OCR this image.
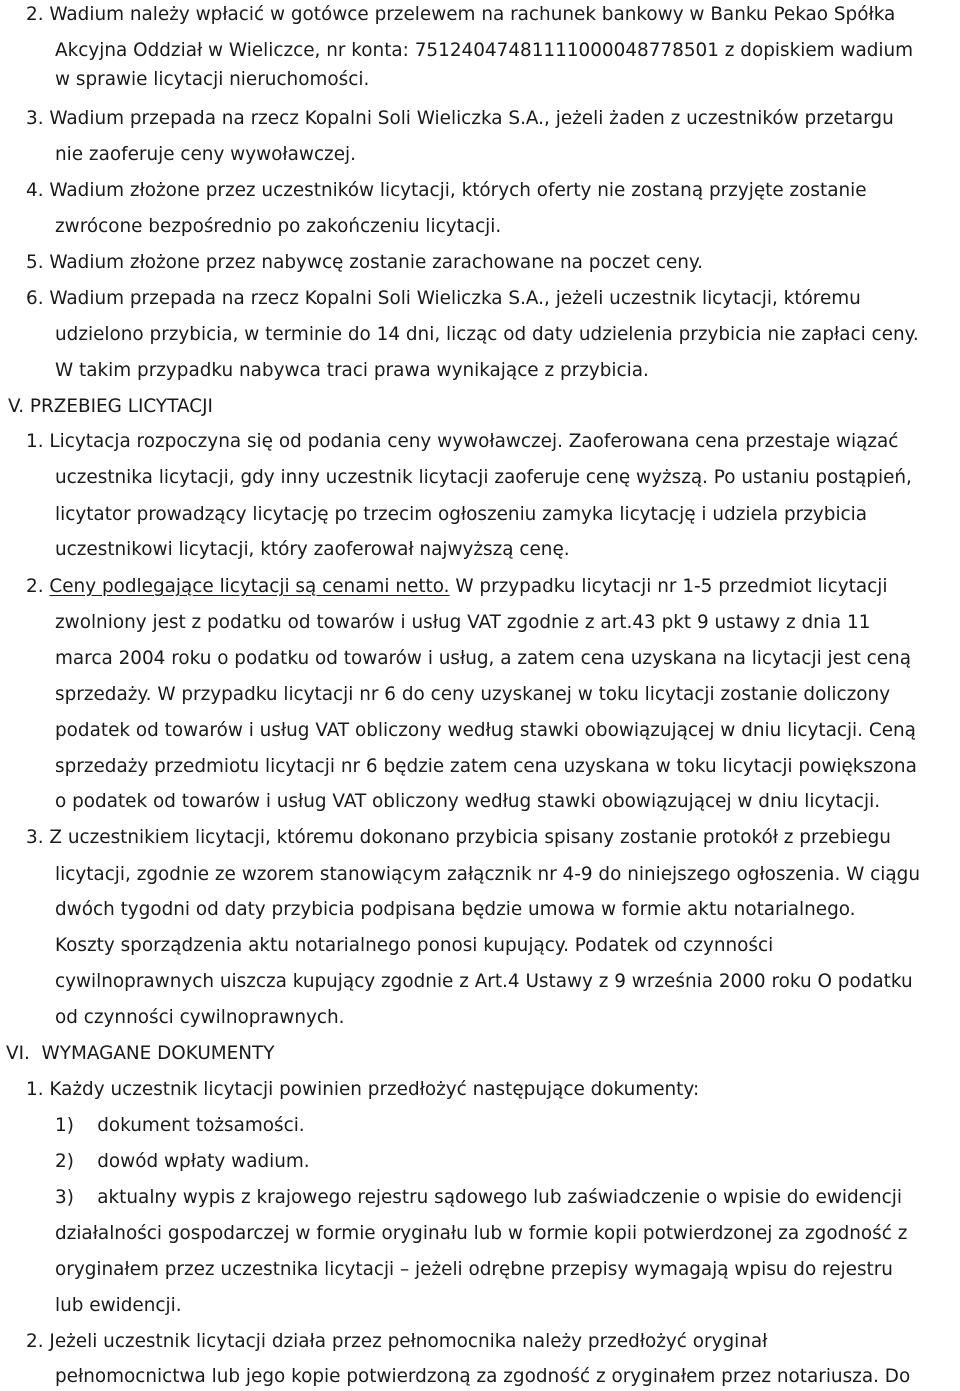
2. Wadium należy wpłacić w gotówce przelewem na rachunek bankowy w Banku Pekao Spółka

Akcyjna Oddział w Wieliczce, nr konta: 75124047481111000048778501 z dopiskiem wadium

w sprawie licytacji nieruchomości.

3. Wadium przepada na rzecz Kopalni Soli Wieliczka S.A., jeżeli żaden z uczestników przetargu

nie zaoferuje ceny wywoławczej.

4. Wadium złożone przez uczestników licytacji, których oferty nie zostaną przyjęte zostanie

zwrócone bezpośrednio po zakończeniu licytacji.

5. Wadium złożone przez nabywcę zostanie zarachowane na poczet ceny.

6. Wadium przepada na rzecz Kopalni Soli Wieliczka S.A., jeżeli uczestnik licytacji, któremu

udzielono przybicia, w terminie do 14 dni, licząc od daty udzielenia przybicia nie zapłaci ceny.

W takim przypadku nabywca traci prawa wynikające z przybicia.

V. PRZEBIEG LICYTACJI

1. Licytacja rozpoczyna się od podania ceny wywoławczej. Zaoferowana cena przestaje wiązać

uczestnika licytacji, gdy inny uczestnik licytacji zaoferuje cenę wyższą. Po ustaniu postąpień,

licytator prowadzący licytację po trzecim ogłoszeniu zamyka licytację i udziela przybicia

uczestnikowi licytacji, który zaoferował najwyższą cenę.

2. Ceny podlegające licytacji są cenami netto. W przypadku licytacji nr 1-5 przedmiot licytacji

zwolniony jest z podatku od towarów i usług VAT zgodnie z art.43 pkt 9 ustawy z dnia 11

marca 2004 roku o podatku od towarów i usług, a zatem cena uzyskana na licytacji jest ceną

sprzedaży. W przypadku licytacji nr 6 do ceny uzyskanej w toku licytacji zostanie doliczony

podatek od towarów i usług VAT obliczony według stawki obowiązującej w dniu licytacji. Ceną

sprzedaży przedmiotu licytacji nr 6 będzie zatem cena uzyskana w toku licytacji powiększona

o podatek od towarów i usług VAT obliczony według stawki obowiązującej w dniu licytacji.

3. Z uczestnikiem licytacji, któremu dokonano przybicia spisany zostanie protokół z przebiegu

licytacji, zgodnie ze wzorem stanowiącym załącznik nr 4-9 do niniejszego ogłoszenia. W ciągu

dwóch tygodni od daty przybicia podpisana będzie umowa w formie aktu notarialnego.

Koszty sporządzenia aktu notarialnego ponosi kupujący. Podatek od czynności

cywilnoprawnych uiszcza kupujący zgodnie z Art.4 Ustawy z 9 września 2000 roku O podatku

od czynności cywilnoprawnych.

VI.  WYMAGANE DOKUMENTY

1. Każdy uczestnik licytacji powinien przedłożyć następujące dokumenty:

1)    dokument tożsamości.

2)    dowód wpłaty wadium.

3)    aktualny wypis z krajowego rejestru sądowego lub zaświadczenie o wpisie do ewidencji

działalności gospodarczej w formie oryginału lub w formie kopii potwierdzonej za zgodność z

oryginałem przez uczestnika licytacji – jeżeli odrębne przepisy wymagają wpisu do rejestru

lub ewidencji.

2. Jeżeli uczestnik licytacji działa przez pełnomocnika należy przedłożyć oryginał

pełnomocnictwa lub jego kopie potwierdzoną za zgodność z oryginałem przez notariusza. Do
